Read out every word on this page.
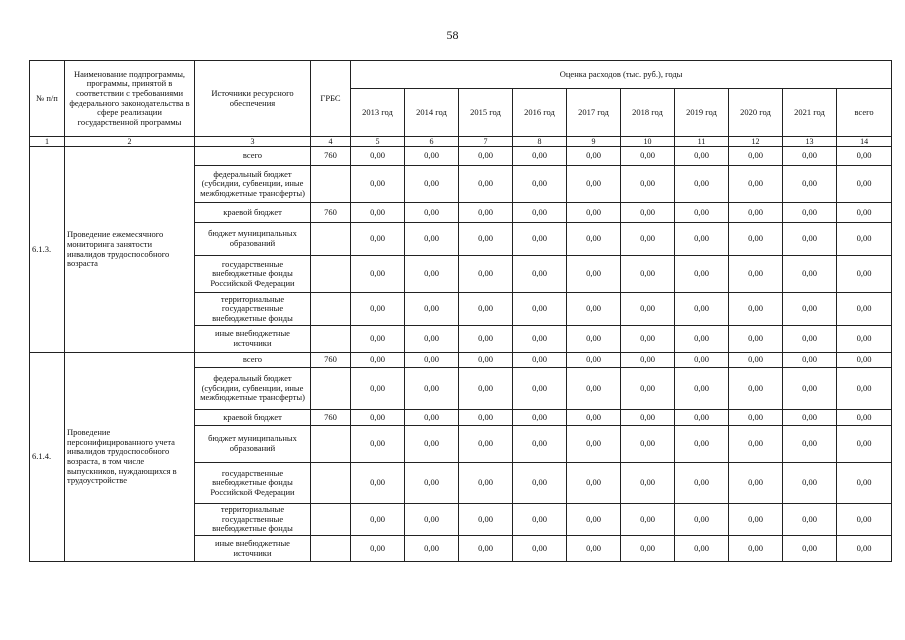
58
№ п/п	Наименование подпрограммы, программы, принятой в соответствии с требованиями федерального законодательства в сфере реализации государственной программы	Источники ресурсного обеспечения	ГРБС	Оценка расходов (тыс. руб.), годы									
				2013 год	2014 год	2015 год	2016 год	2017 год	2018 год	2019 год	2020 год	2021 год	всего
1	2	3	4	5	6	7	8	9	10	11	12	13	14
6.1.3.	Проведение ежемесячного мониторинга занятости инвалидов трудоспособного возраста	всего	760	0,00	0,00	0,00	0,00	0,00	0,00	0,00	0,00	0,00	0,00
		федеральный бюджет (субсидии, субвенции, иные межбюджетные трансферты)		0,00	0,00	0,00	0,00	0,00	0,00	0,00	0,00	0,00	0,00
		краевой бюджет	760	0,00	0,00	0,00	0,00	0,00	0,00	0,00	0,00	0,00	0,00
		бюджет муниципальных образований		0,00	0,00	0,00	0,00	0,00	0,00	0,00	0,00	0,00	0,00
		государственные внебюджетные фонды Российской Федерации		0,00	0,00	0,00	0,00	0,00	0,00	0,00	0,00	0,00	0,00
		территориальные государственные внебюджетные фонды		0,00	0,00	0,00	0,00	0,00	0,00	0,00	0,00	0,00	0,00
		иные внебюджетные источники		0,00	0,00	0,00	0,00	0,00	0,00	0,00	0,00	0,00	0,00
6.1.4.	Проведение персонифицированного учета инвалидов трудоспособного возраста, в том числе выпускников, нуждающихся в трудоустройстве	всего	760	0,00	0,00	0,00	0,00	0,00	0,00	0,00	0,00	0,00	0,00
		федеральный бюджет (субсидии, субвенции, иные межбюджетные трансферты)		0,00	0,00	0,00	0,00	0,00	0,00	0,00	0,00	0,00	0,00
		краевой бюджет	760	0,00	0,00	0,00	0,00	0,00	0,00	0,00	0,00	0,00	0,00
		бюджет муниципальных образований		0,00	0,00	0,00	0,00	0,00	0,00	0,00	0,00	0,00	0,00
		государственные внебюджетные фонды Российской Федерации		0,00	0,00	0,00	0,00	0,00	0,00	0,00	0,00	0,00	0,00
		территориальные государственные внебюджетные фонды		0,00	0,00	0,00	0,00	0,00	0,00	0,00	0,00	0,00	0,00
		иные внебюджетные источники		0,00	0,00	0,00	0,00	0,00	0,00	0,00	0,00	0,00	0,00
